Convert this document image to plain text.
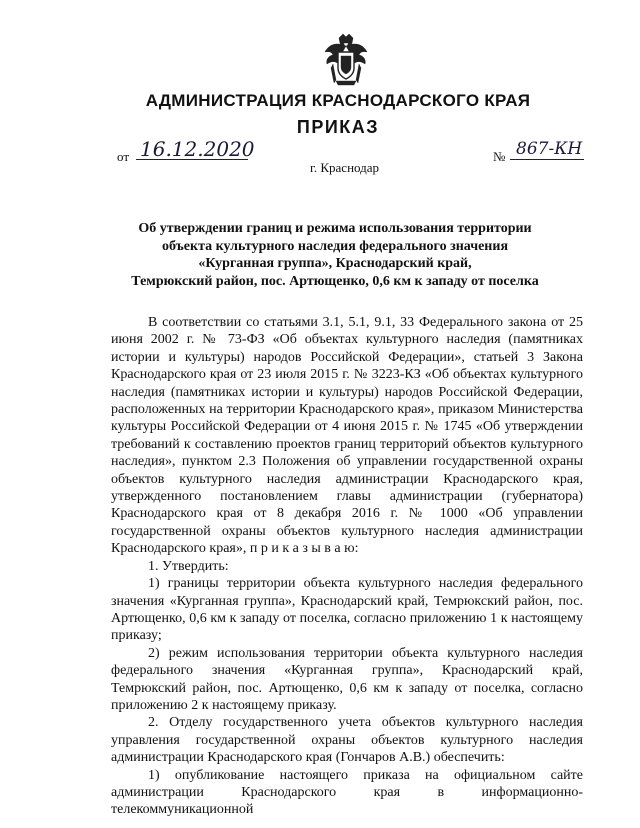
АДМИНИСТРАЦИЯ КРАСНОДАРСКОГО КРАЯ
ПРИКАЗ
от 16.12.2020
г. Краснодар
№ 867-КН
Об утверждении границ и режима использования территории
объекта культурного наследия федерального значения
«Курганная группа», Краснодарский край,
Темрюкский район, пос. Артющенко, 0,6 км к западу от поселка

В соответствии со статьями 3.1, 5.1, 9.1, 33 Федерального закона от 25 июня 2002 г. № 73-ФЗ «Об объектах культурного наследия (памятниках истории и культуры) народов Российской Федерации», статьей 3 Закона Краснодарского края от 23 июля 2015 г. № 3223-КЗ «Об объектах культурного наследия (памятниках истории и культуры) народов Российской Федерации, расположенных на территории Краснодарского края», приказом Министерства культуры Российской Федерации от 4 июня 2015 г. № 1745 «Об утверждении требований к составлению проектов границ территорий объектов культурного наследия», пунктом 2.3 Положения об управлении государственной охраны объектов культурного наследия администрации Краснодарского края, утвержденного постановлением главы администрации (губернатора) Краснодарского края от 8 декабря 2016 г. № 1000 «Об управлении государственной охраны объектов культурного наследия администрации Краснодарского края», п р и к а з ы в а ю:

1. Утвердить:

1) границы территории объекта культурного наследия федерального значения «Курганная группа», Краснодарский край, Темрюкский район, пос. Артющенко, 0,6 км к западу от поселка, согласно приложению 1 к настоящему приказу;

2) режим использования территории объекта культурного наследия федерального значения «Курганная группа», Краснодарский край, Темрюкский район, пос. Артющенко, 0,6 км к западу от поселка, согласно приложению 2 к настоящему приказу.

2. Отделу государственного учета объектов культурного наследия управления государственной охраны объектов культурного наследия администрации Краснодарского края (Гончаров А.В.) обеспечить:

1) опубликование настоящего приказа на официальном сайте администрации Краснодарского края в информационно-телекоммуникационной
